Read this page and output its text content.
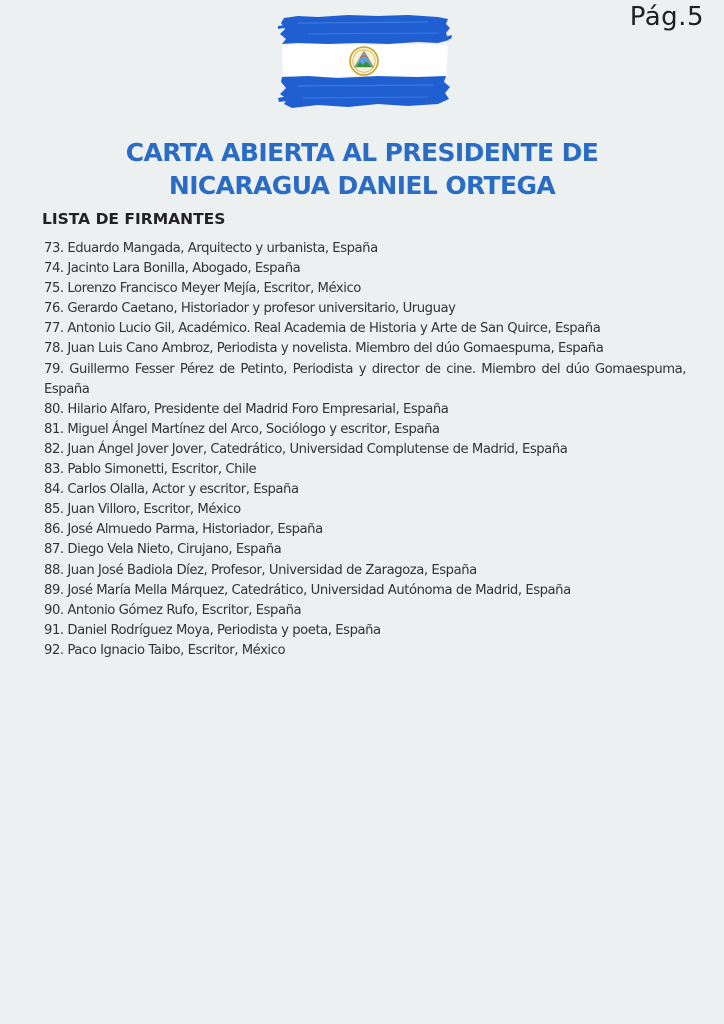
Pág.5
CARTA ABIERTA AL PRESIDENTE DE
NICARAGUA DANIEL ORTEGA
LISTA DE FIRMANTES
73. Eduardo Mangada, Arquitecto y urbanista, España
74. Jacinto Lara Bonilla, Abogado, España
75. Lorenzo Francisco Meyer Mejía, Escritor, México
76. Gerardo Caetano, Historiador y profesor universitario, Uruguay
77. Antonio Lucio Gil, Académico. Real Academia de Historia y Arte de San Quirce, España
78. Juan Luis Cano Ambroz, Periodista y novelista. Miembro del dúo Gomaespuma, España
79. Guillermo Fesser Pérez de Petinto, Periodista y director de cine. Miembro del dúo Gomaespuma, España
80. Hilario Alfaro, Presidente del Madrid Foro Empresarial, España
81. Miguel Ángel Martínez del Arco, Sociólogo y escritor, España
82. Juan Ángel Jover Jover, Catedrático, Universidad Complutense de Madrid, España
83. Pablo Simonetti, Escritor, Chile
84. Carlos Olalla, Actor y escritor, España
85. Juan Villoro, Escritor, México
86. José Almuedo Parma, Historiador, España
87. Diego Vela Nieto, Cirujano, España
88. Juan José Badiola Díez, Profesor, Universidad de Zaragoza, España
89. José María Mella Márquez, Catedrático, Universidad Autónoma de Madrid, España
90. Antonio Gómez Rufo, Escritor, España
91. Daniel Rodríguez Moya, Periodista y poeta, España
92. Paco Ignacio Taibo, Escritor, México
